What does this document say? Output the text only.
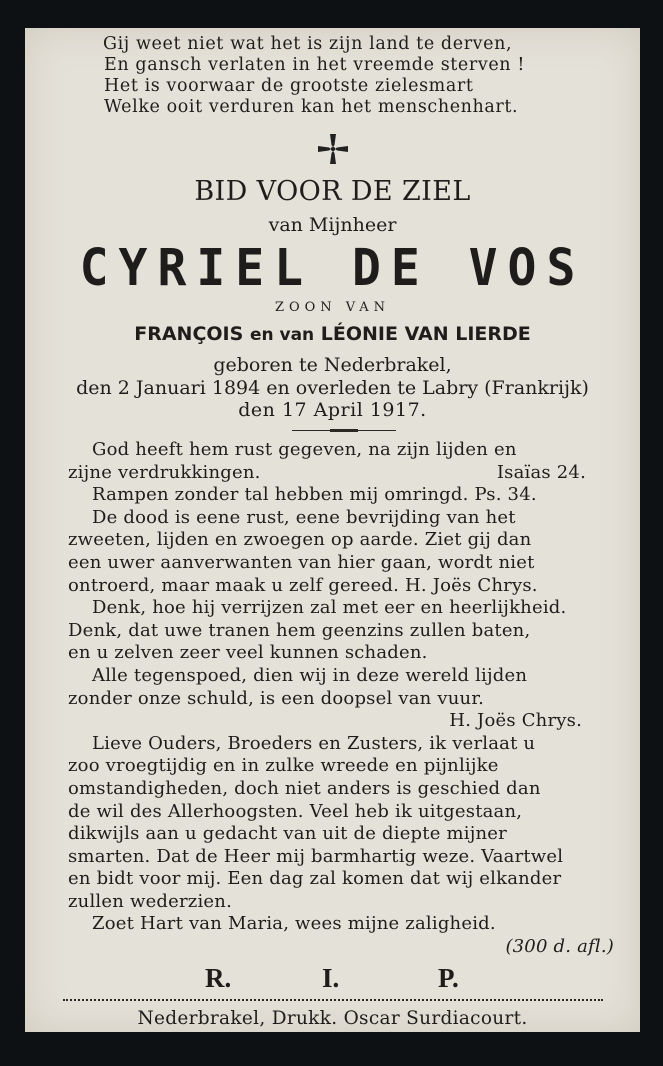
Gij weet niet wat het is zijn land te derven,
En gansch verlaten in het vreemde sterven !
Het is voorwaar de grootste zielesmart
Welke ooit verduren kan het menschenhart.
BID VOOR DE ZIEL
van Mijnheer
CYRIEL DE VOS
ZOON VAN
FRANÇOIS en van LÉONIE VAN LIERDE
geboren te Nederbrakel,
den 2 Januari 1894 en overleden te Labry (Frankrijk)
den 17 April 1917.
God heeft hem rust gegeven, na zijn lijden en
zijne verdrukkingen.	Isaïas 24.
Rampen zonder tal hebben mij omringd. Ps. 34.
De dood is eene rust, eene bevrijding van het
zweeten, lijden en zwoegen op aarde. Ziet gij dan
een uwer aanverwanten van hier gaan, wordt niet
ontroerd, maar maak u zelf gereed. H. Joës Chrys.
Denk, hoe hij verrijzen zal met eer en heerlijkheid.
Denk, dat uwe tranen hem geenzins zullen baten,
en u zelven zeer veel kunnen schaden.
Alle tegenspoed, dien wij in deze wereld lijden
zonder onze schuld, is een doopsel van vuur.
H. Joës Chrys.
Lieve Ouders, Broeders en Zusters, ik verlaat u
zoo vroegtijdig en in zulke wreede en pijnlijke
omstandigheden, doch niet anders is geschied dan
de wil des Allerhoogsten. Veel heb ik uitgestaan,
dikwijls aan u gedacht van uit de diepte mijner
smarten. Dat de Heer mij barmhartig weze. Vaartwel
en bidt voor mij. Een dag zal komen dat wij elkander
zullen wederzien.
Zoet Hart van Maria, wees mijne zaligheid.
(300 d. afl.)
R.	I.	P.
Nederbrakel, Drukk. Oscar Surdiacourt.
